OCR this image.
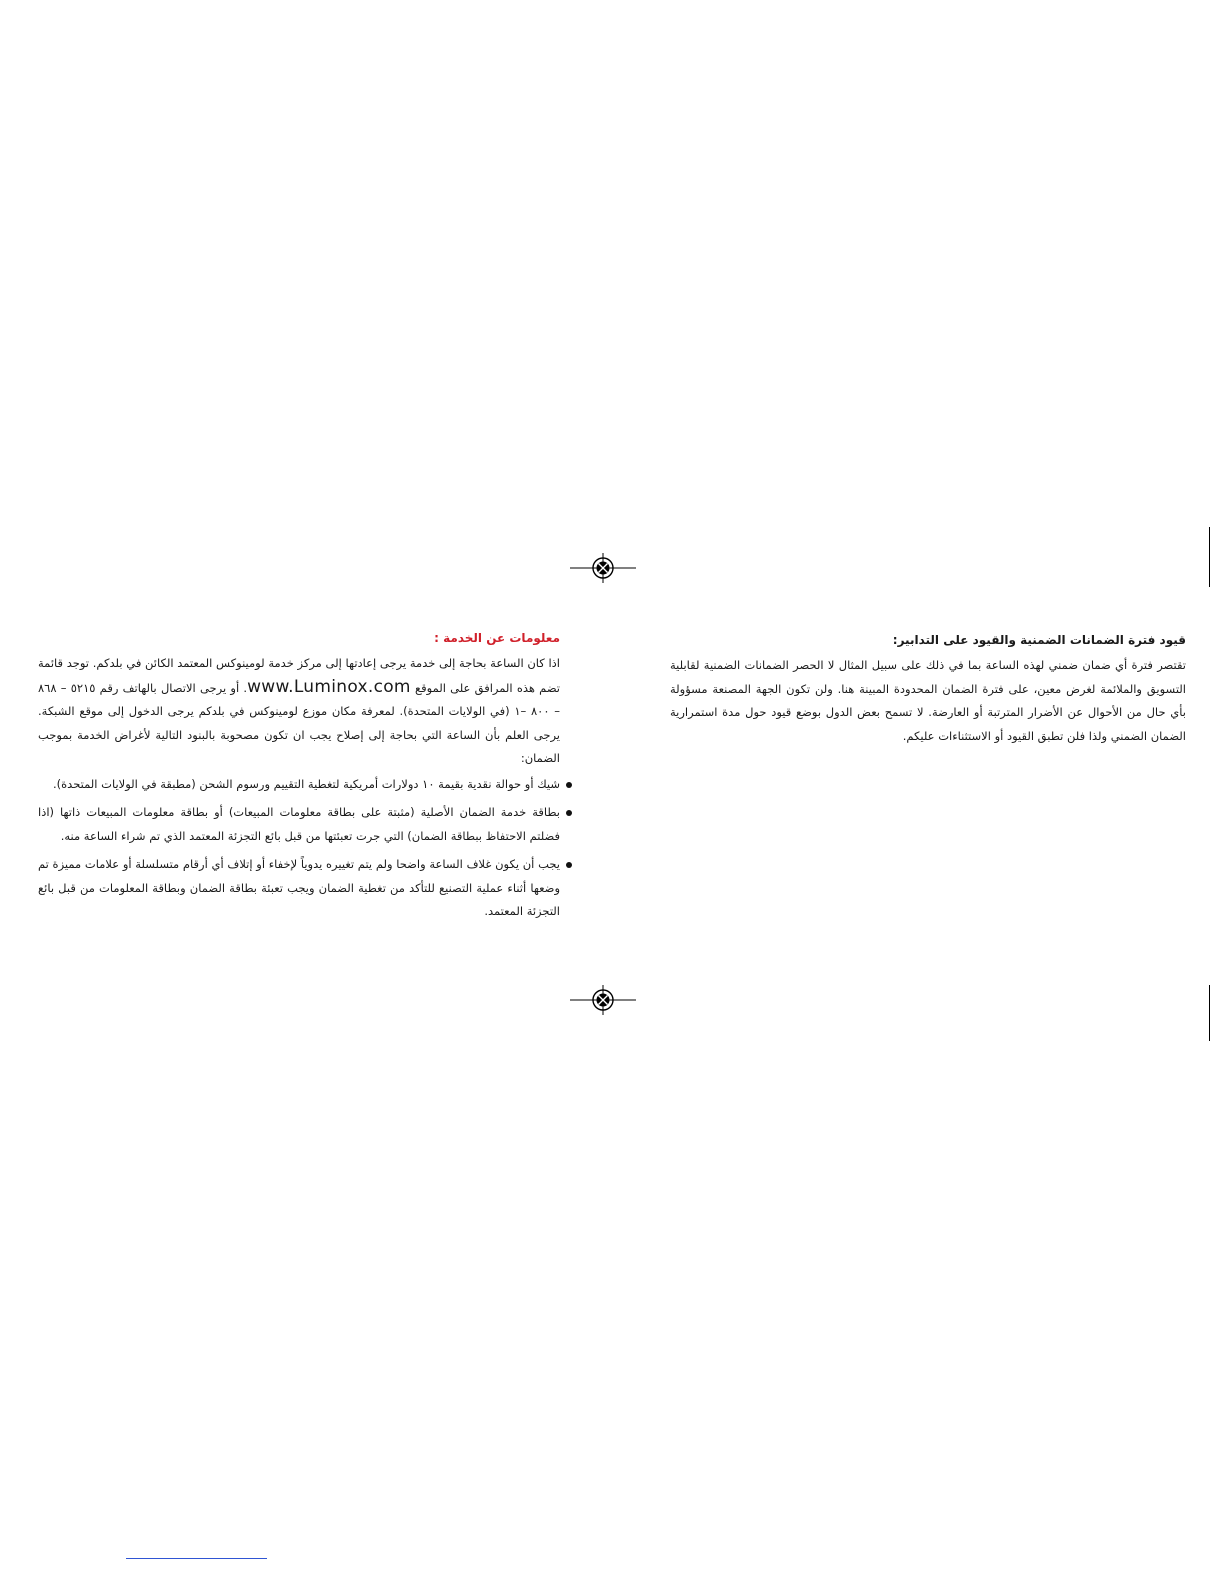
معلومات عن الخدمة :

اذا كان الساعة بحاجة إلى خدمة يرجى إعادتها إلى مركز خدمة لومينوكس المعتمد الكائن في بلدكم. توجد قائمة تضم هذه المرافق على الموقع www.Luminox.com. أو يرجى الاتصال بالهاتف رقم ٥٢١٥ – ٨٦٨ – ٨٠٠ –١ (في الولايات المتحدة). لمعرفة مكان موزع لومينوكس في بلدكم يرجى الدخول إلى موقع الشبكة. يرجى العلم بأن الساعة التي بحاجة إلى إصلاح يجب ان تكون مصحوبة بالبنود التالية لأغراض الخدمة بموجب الضمان:

شيك أو حوالة نقدية بقيمة ١٠ دولارات أمريكية لتغطية التقييم ورسوم الشحن (مطبقة في الولايات المتحدة).
بطاقة خدمة الضمان الأصلية (مثبتة على بطاقة معلومات المبيعات) أو بطاقة معلومات المبيعات ذاتها (اذا فضلتم الاحتفاظ ببطاقة الضمان) التي جرت تعبئتها من قبل بائع التجزئة المعتمد الذي تم شراء الساعة منه.
يجب أن يكون غلاف الساعة واضحا ولم يتم تغييره يدوياً لإخفاء أو إتلاف أي أرقام متسلسلة أو علامات مميزة تم وضعها أثناء عملية التصنيع للتأكد من تغطية الضمان ويجب تعبئة بطاقة الضمان وبطاقة المعلومات من قبل بائع التجزئة المعتمد.
قيود فترة الضمانات الضمنية والقيود على التدابير:

تقتصر فترة أي ضمان ضمني لهذه الساعة بما في ذلك على سبيل المثال لا الحصر الضمانات الضمنية لقابلية التسويق والملائمة لغرض معين، على فترة الضمان المحدودة المبينة هنا. ولن تكون الجهة المصنعة مسؤولة بأي حال من الأحوال عن الأضرار المترتبة أو العارضة. لا تسمح بعض الدول بوضع قيود حول مدة استمرارية الضمان الضمني ولذا فلن تطبق القيود أو الاستثناءات عليكم.
